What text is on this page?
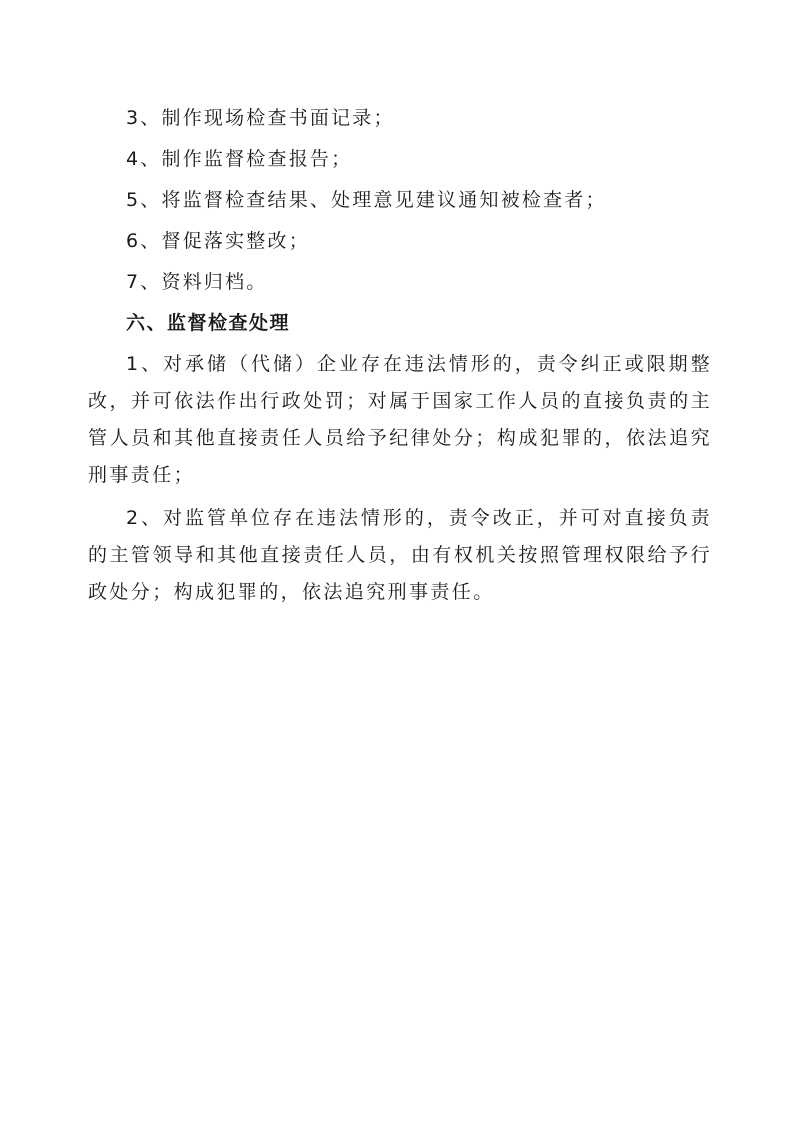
3、制作现场检查书面记录；

4、制作监督检查报告；

5、将监督检查结果、处理意见建议通知被检查者；

6、督促落实整改；

7、资料归档。

六、监督检查处理

1、对承储（代储）企业存在违法情形的，责令纠正或限期整改，并可依法作出行政处罚；对属于国家工作人员的直接负责的主管人员和其他直接责任人员给予纪律处分；构成犯罪的，依法追究刑事责任；

2、对监管单位存在违法情形的，责令改正，并可对直接负责的主管领导和其他直接责任人员，由有权机关按照管理权限给予行政处分；构成犯罪的，依法追究刑事责任。
